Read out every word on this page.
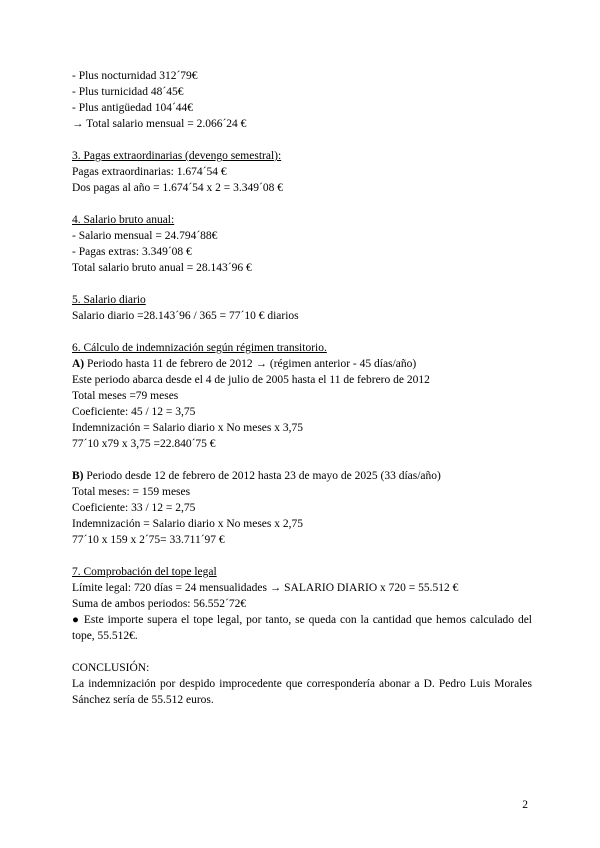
- Plus nocturnidad 312´79€
- Plus turnicidad 48´45€
- Plus antigüedad 104´44€
→ Total salario mensual = 2.066´24 €
3. Pagas extraordinarias (devengo semestral):
Pagas extraordinarias: 1.674´54 €
Dos pagas al año = 1.674´54 x 2 = 3.349´08 €
4. Salario bruto anual:
- Salario mensual = 24.794´88€
- Pagas extras: 3.349´08 €
Total salario bruto anual = 28.143´96 €
5. Salario diario
Salario diario =28.143´96 / 365 = 77´10 € diarios
6. Cálculo de indemnización según régimen transitorio.
A) Periodo hasta 11 de febrero de 2012 → (régimen anterior - 45 días/año)
Este periodo abarca desde el 4 de julio de 2005 hasta el 11 de febrero de 2012
Total meses =79 meses
Coeficiente: 45 / 12 = 3,75
Indemnización = Salario diario x No meses x 3,75
77´10 x79 x 3,75 =22.840´75 €
B) Periodo desde 12 de febrero de 2012 hasta 23 de mayo de 2025 (33 días/año)
Total meses: = 159 meses
Coeficiente: 33 / 12 = 2,75
Indemnización = Salario diario x No meses x 2,75
77´10 x 159 x 2´75= 33.711´97 €
7. Comprobación del tope legal
Límite legal: 720 días = 24 mensualidades → SALARIO DIARIO x 720 = 55.512 €
Suma de ambos periodos: 56.552´72€
● Este importe supera el tope legal, por tanto, se queda con la cantidad que hemos calculado del tope, 55.512€.
CONCLUSIÓN:
La indemnización por despido improcedente que correspondería abonar a D. Pedro Luis Morales Sánchez sería de 55.512 euros.
2
